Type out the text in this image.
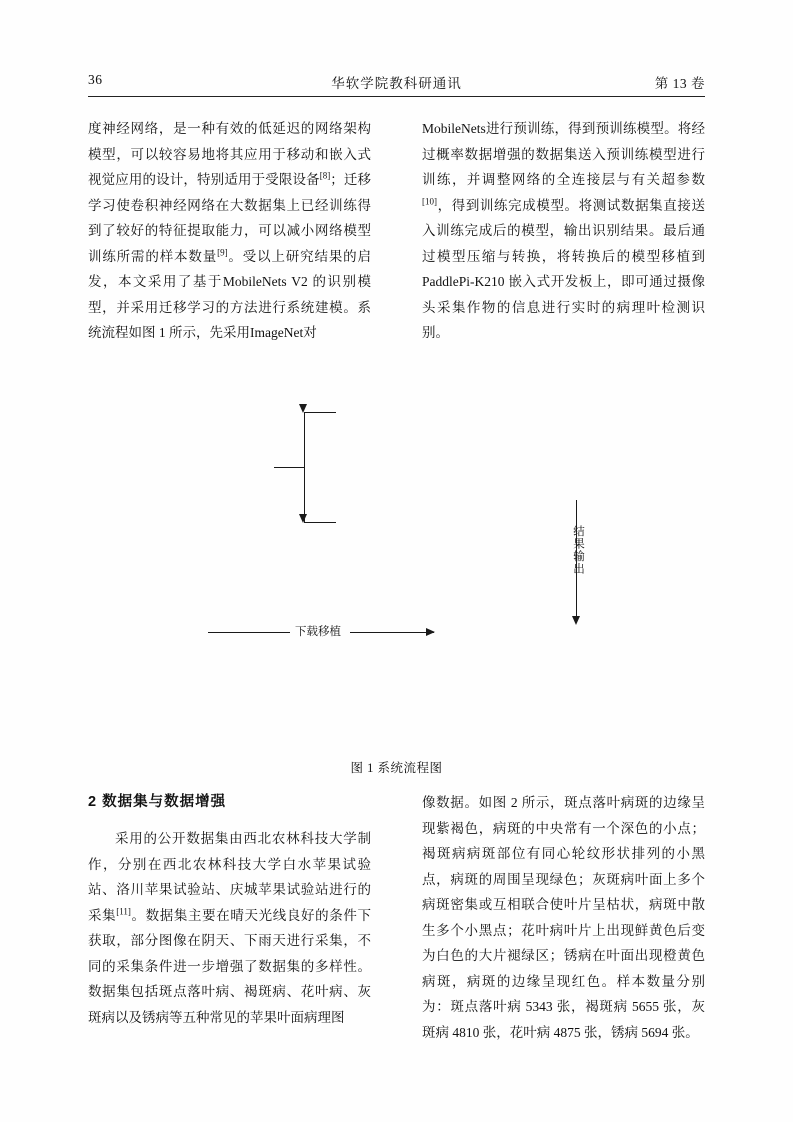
36	华软学院教科研通讯	第 13 卷

度神经网络，是一种有效的低延迟的网络架构模型，可以较容易地将其应用于移动和嵌入式视觉应用的设计，特别适用于受限设备[8]；迁移学习使卷积神经网络在大数据集上已经训练得到了较好的特征提取能力，可以减小网络模型训练所需的样本数量[9]。受以上研究结果的启发，本文采用了基于MobileNets V2 的识别模型，并采用迁移学习的方法进行系统建模。系统流程如图 1 所示，先采用ImageNet对

MobileNets进行预训练，得到预训练模型。将经过概率数据增强的数据集送入预训练模型进行训练，并调整网络的全连接层与有关超参数[10]，得到训练完成模型。将测试数据集直接送入训练完成后的模型，输出识别结果。最后通过模型压缩与转换，将转换后的模型移植到PaddlePi-K210 嵌入式开发板上，即可通过摄像头采集作物的信息进行实时的病理叶检测识别。

结果输出
下载移植
图 1 系统流程图
2 数据集与数据增强

采用的公开数据集由西北农林科技大学制作，分别在西北农林科技大学白水苹果试验站、洛川苹果试验站、庆城苹果试验站进行的采集[11]。数据集主要在晴天光线良好的条件下获取，部分图像在阴天、下雨天进行采集，不同的采集条件进一步增强了数据集的多样性。数据集包括斑点落叶病、褐斑病、花叶病、灰斑病以及锈病等五种常见的苹果叶面病理图

像数据。如图 2 所示，斑点落叶病斑的边缘呈现紫褐色，病斑的中央常有一个深色的小点；褐斑病病斑部位有同心轮纹形状排列的小黑点，病斑的周围呈现绿色；灰斑病叶面上多个病斑密集或互相联合使叶片呈枯状，病斑中散生多个小黑点；花叶病叶片上出现鲜黄色后变为白色的大片褪绿区；锈病在叶面出现橙黄色病斑，病斑的边缘呈现红色。样本数量分别为：斑点落叶病 5343 张，褐斑病 5655 张，灰斑病 4810 张，花叶病 4875 张，锈病 5694 张。
